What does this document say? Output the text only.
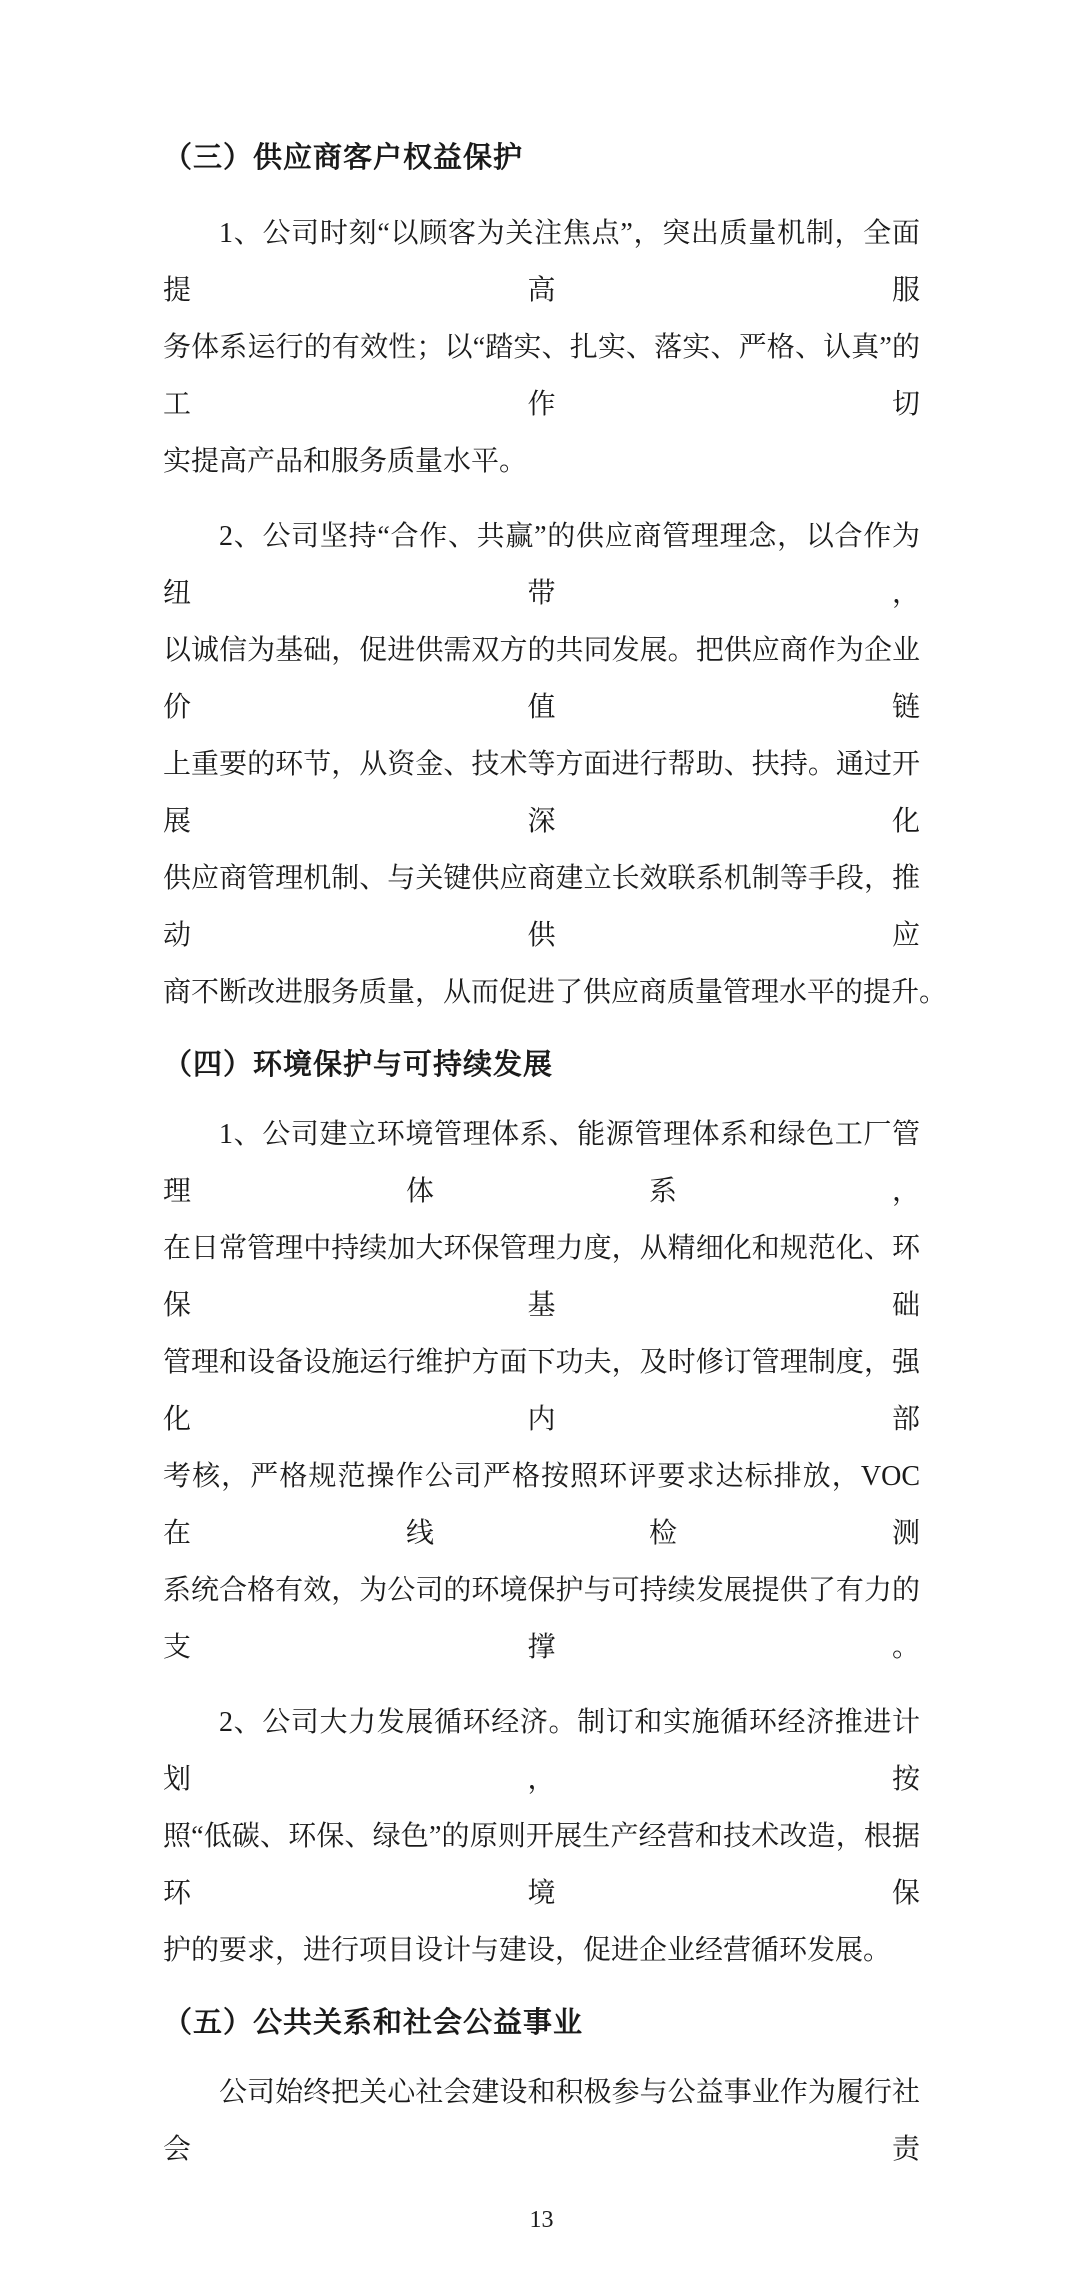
（三）供应商客户权益保护
1、公司时刻“以顾客为关注焦点”，突出质量机制，全面提高服
务体系运行的有效性；以“踏实、扎实、落实、严格、认真”的工作切
实提高产品和服务质量水平。
2、公司坚持“合作、共赢”的供应商管理理念，以合作为纽带，
以诚信为基础，促进供需双方的共同发展。把供应商作为企业价值链
上重要的环节，从资金、技术等方面进行帮助、扶持。通过开展深化
供应商管理机制、与关键供应商建立长效联系机制等手段，推动供应
商不断改进服务质量，从而促进了供应商质量管理水平的提升。
（四）环境保护与可持续发展
1、公司建立环境管理体系、能源管理体系和绿色工厂管理体系，
在日常管理中持续加大环保管理力度，从精细化和规范化、环保基础
管理和设备设施运行维护方面下功夫，及时修订管理制度，强化内部
考核，严格规范操作公司严格按照环评要求达标排放，VOC在线检测
系统合格有效，为公司的环境保护与可持续发展提供了有力的支撑。
2、公司大力发展循环经济。制订和实施循环经济推进计划，按
照“低碳、环保、绿色”的原则开展生产经营和技术改造，根据环境保
护的要求，进行项目设计与建设，促进企业经营循环发展。
（五）公共关系和社会公益事业
公司始终把关心社会建设和积极参与公益事业作为履行社会责
13
